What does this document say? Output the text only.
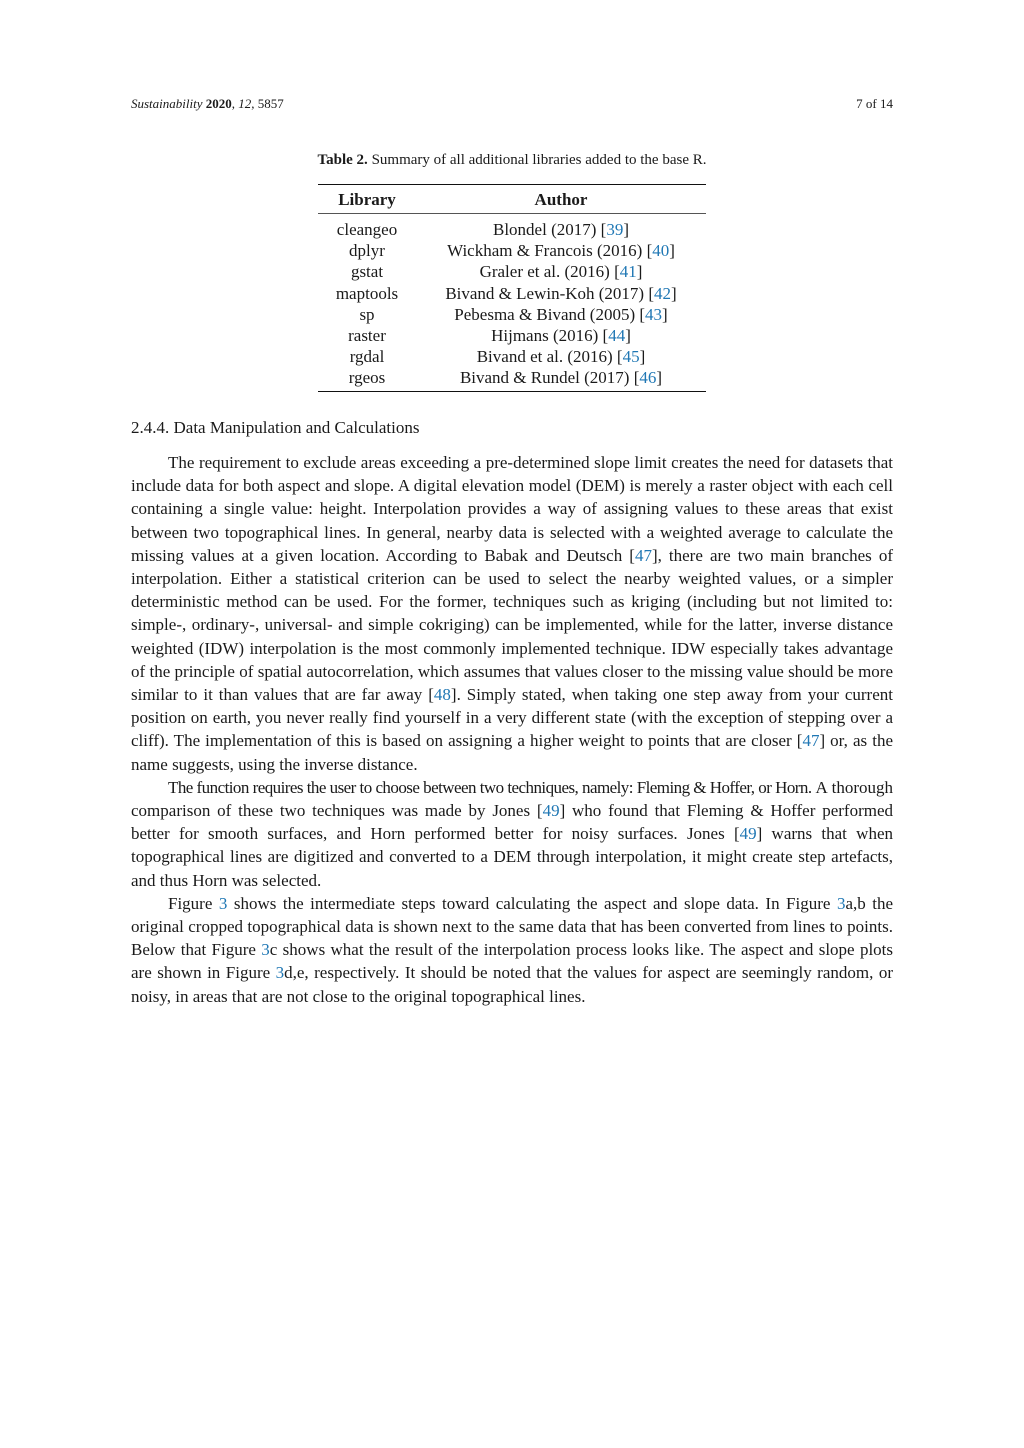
Sustainability 2020, 12, 5857	7 of 14
Table 2. Summary of all additional libraries added to the base R.
Library	Author
cleangeo	Blondel (2017) [39]
dplyr	Wickham & Francois (2016) [40]
gstat	Graler et al. (2016) [41]
maptools	Bivand & Lewin-Koh (2017) [42]
sp	Pebesma & Bivand (2005) [43]
raster	Hijmans (2016) [44]
rgdal	Bivand et al. (2016) [45]
rgeos	Bivand & Rundel (2017) [46]
2.4.4. Data Manipulation and Calculations

The requirement to exclude areas exceeding a pre-determined slope limit creates the need for datasets that include data for both aspect and slope. A digital elevation model (DEM) is merely a raster object with each cell containing a single value: height. Interpolation provides a way of assigning values to these areas that exist between two topographical lines. In general, nearby data is selected with a weighted average to calculate the missing values at a given location. According to Babak and Deutsch [47], there are two main branches of interpolation. Either a statistical criterion can be used to select the nearby weighted values, or a simpler deterministic method can be used. For the former, techniques such as kriging (including but not limited to: simple-, ordinary-, universal- and simple cokriging) can be implemented, while for the latter, inverse distance weighted (IDW) interpolation is the most commonly implemented technique. IDW especially takes advantage of the principle of spatial autocorrelation, which assumes that values closer to the missing value should be more similar to it than values that are far away [48]. Simply stated, when taking one step away from your current position on earth, you never really find yourself in a very different state (with the exception of stepping over a cliff). The implementation of this is based on assigning a higher weight to points that are closer [47] or, as the name suggests, using the inverse distance.

The function requires the user to choose between two techniques, namely: Fleming & Hoffer, or Horn. A thorough comparison of these two techniques was made by Jones [49] who found that Fleming & Hoffer performed better for smooth surfaces, and Horn performed better for noisy surfaces. Jones [49] warns that when topographical lines are digitized and converted to a DEM through interpolation, it might create step artefacts, and thus Horn was selected.

Figure 3 shows the intermediate steps toward calculating the aspect and slope data. In Figure 3a,b the original cropped topographical data is shown next to the same data that has been converted from lines to points. Below that Figure 3c shows what the result of the interpolation process looks like. The aspect and slope plots are shown in Figure 3d,e, respectively. It should be noted that the values for aspect are seemingly random, or noisy, in areas that are not close to the original topographical lines.
